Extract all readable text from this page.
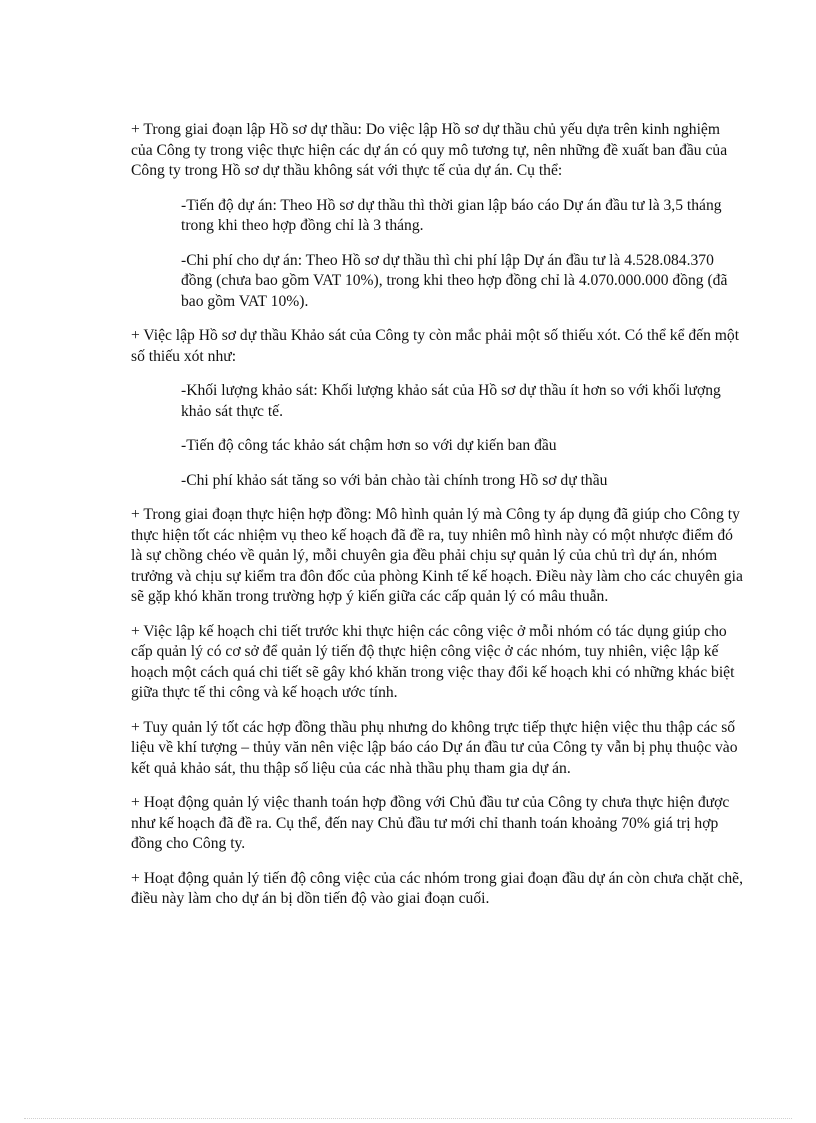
+ Trong giai đoạn lập Hồ sơ dự thầu: Do việc lập Hồ sơ dự thầu chủ yếu dựa trên kinh nghiệm của Công ty trong việc thực hiện các dự án có quy mô tương tự, nên những đề xuất ban đầu của Công ty trong Hồ sơ dự thầu không sát với thực tế của dự án. Cụ thể:

-Tiến độ dự án: Theo Hồ sơ dự thầu thì thời gian lập báo cáo Dự án đầu tư là 3,5 tháng trong khi theo hợp đồng chỉ là 3 tháng.

-Chi phí cho dự án: Theo Hồ sơ dự thầu thì chi phí lập Dự án đầu tư là 4.528.084.370 đồng (chưa bao gồm VAT 10%), trong khi theo hợp đồng chỉ là 4.070.000.000 đồng (đã bao gồm VAT 10%).

+ Việc lập Hồ sơ dự thầu Khảo sát của Công ty còn mắc phải một số thiếu xót. Có thể kể đến một số thiếu xót như:

-Khối lượng khảo sát: Khối lượng khảo sát của Hồ sơ dự thầu ít hơn so với khối lượng khảo sát thực tế.

-Tiến độ công tác khảo sát chậm hơn so với dự kiến ban đầu

-Chi phí khảo sát tăng so với bản chào tài chính trong Hồ sơ dự thầu

+ Trong giai đoạn thực hiện hợp đồng: Mô hình quản lý mà Công ty áp dụng đã giúp cho Công ty thực hiện tốt các nhiệm vụ theo kế hoạch đã đề ra, tuy nhiên mô hình này có một nhược điểm đó là sự chồng chéo về quản lý, mỗi chuyên gia đều phải chịu sự quản lý của chủ trì dự án, nhóm trưởng và chịu sự kiểm tra đôn đốc của phòng Kinh tế kế hoạch. Điều này làm cho các chuyên gia sẽ gặp khó khăn trong trường hợp ý kiến giữa các cấp quản lý có mâu thuẫn.

+ Việc lập kế hoạch chi tiết trước khi thực hiện các công việc ở mỗi nhóm có tác dụng giúp cho cấp quản lý có cơ sở để quản lý tiến độ thực hiện công việc ở các nhóm, tuy nhiên, việc lập kế hoạch một cách quá chi tiết sẽ gây khó khăn trong việc thay đổi kế hoạch khi có những khác biệt giữa thực tế thi công và kế hoạch ước tính.

+ Tuy quản lý tốt các hợp đồng thầu phụ nhưng do không trực tiếp thực hiện việc thu thập các số liệu về khí tượng – thủy văn nên việc lập báo cáo Dự án đầu tư của Công ty vẫn bị phụ thuộc vào kết quả khảo sát, thu thập số liệu của các nhà thầu phụ tham gia dự án.

+ Hoạt động quản lý việc thanh toán hợp đồng với Chủ đầu tư của Công ty chưa thực hiện được như kế hoạch đã đề ra. Cụ thể, đến nay Chủ đầu tư mới chỉ thanh toán khoảng 70% giá trị hợp đồng cho Công ty.

+ Hoạt động quản lý tiến độ công việc của các nhóm trong giai đoạn đầu dự án còn chưa chặt chẽ, điều này làm cho dự án bị dồn tiến độ vào giai đoạn cuối.
